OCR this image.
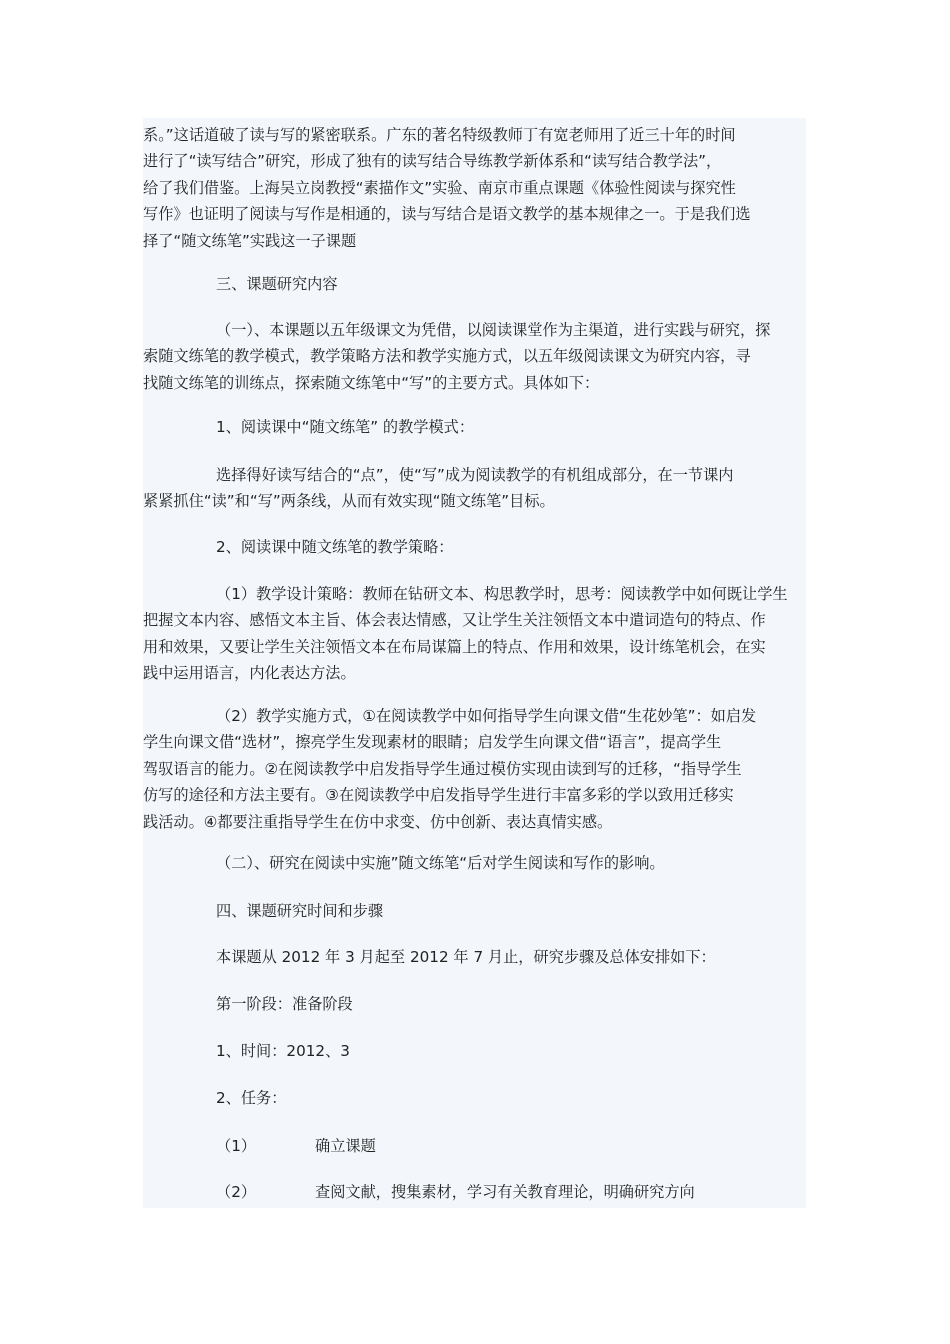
系。”这话道破了读与写的紧密联系。广东的著名特级教师丁有宽老师用了近三十年的时间
进行了“读写结合”研究，形成了独有的读写结合导练教学新体系和“读写结合教学法”，
给了我们借鉴。上海吴立岗教授“素描作文”实验、南京市重点课题《体验性阅读与探究性
写作》也证明了阅读与写作是相通的，读与写结合是语文教学的基本规律之一。于是我们选
择了“随文练笔”实践这一子课题

三、课题研究内容

（一）、本课题以五年级课文为凭借，以阅读课堂作为主渠道，进行实践与研究，探
索随文练笔的教学模式，教学策略方法和教学实施方式，以五年级阅读课文为研究内容，寻
找随文练笔的训练点，探索随文练笔中“写”的主要方式。具体如下：

1、阅读课中“随文练笔” 的教学模式：

选择得好读写结合的“点”，使“写”成为阅读教学的有机组成部分，在一节课内
紧紧抓住“读”和“写”两条线，从而有效实现“随文练笔”目标。

2、阅读课中随文练笔的教学策略：

（1）教学设计策略：教师在钻研文本、构思教学时，思考：阅读教学中如何既让学生
把握文本内容、感悟文本主旨、体会表达情感，又让学生关注领悟文本中遣词造句的特点、作
用和效果，又要让学生关注领悟文本在布局谋篇上的特点、作用和效果，设计练笔机会，在实
践中运用语言，内化表达方法。

（2）教学实施方式，①在阅读教学中如何指导学生向课文借“生花妙笔”：如启发
学生向课文借“选材”，擦亮学生发现素材的眼睛；启发学生向课文借“语言”，提高学生
驾驭语言的能力。②在阅读教学中启发指导学生通过模仿实现由读到写的迁移，“指导学生
仿写的途径和方法主要有。③在阅读教学中启发指导学生进行丰富多彩的学以致用迁移实
践活动。④都要注重指导学生在仿中求变、仿中创新、表达真情实感。

（二）、研究在阅读中实施”随文练笔“后对学生阅读和写作的影响。

四、课题研究时间和步骤

本课题从 2012 年 3 月起至 2012 年 7 月止，研究步骤及总体安排如下：

第一阶段：准备阶段

1、时间：2012、3

2、任务：

（1）	确立课题
（2）	查阅文献，搜集素材，学习有关教育理论，明确研究方向
